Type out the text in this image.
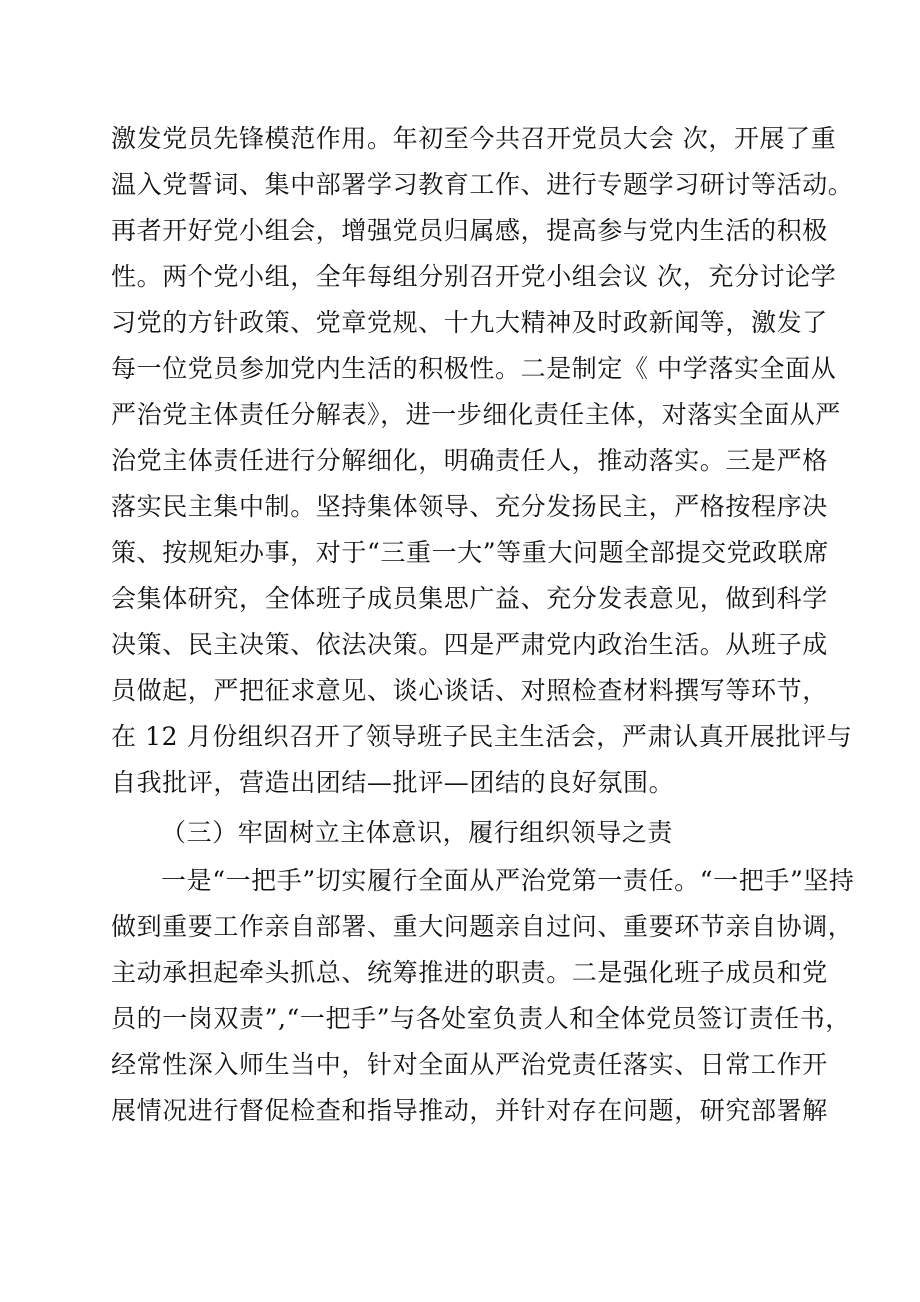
激发党员先锋模范作用。年初至今共召开党员大会 次，开展了重
温入党誓词、集中部署学习教育工作、进行专题学习研讨等活动。
再者开好党小组会，增强党员归属感，提高参与党内生活的积极
性。两个党小组，全年每组分别召开党小组会议 次，充分讨论学
习党的方针政策、党章党规、十九大精神及时政新闻等，激发了
每一位党员参加党内生活的积极性。二是制定《 中学落实全面从
严治党主体责任分解表》，进一步细化责任主体，对落实全面从严
治党主体责任进行分解细化，明确责任人，推动落实。三是严格
落实民主集中制。坚持集体领导、充分发扬民主，严格按程序决
策、按规矩办事，对于“三重一大”等重大问题全部提交党政联席
会集体研究，全体班子成员集思广益、充分发表意见，做到科学
决策、民主决策、依法决策。四是严肃党内政治生活。从班子成
员做起，严把征求意见、谈心谈话、对照检查材料撰写等环节，
在 12 月份组织召开了领导班子民主生活会，严肃认真开展批评与
自我批评，营造出团结—批评—团结的良好氛围。
（三）牢固树立主体意识，履行组织领导之责
一是“一把手”切实履行全面从严治党第一责任。“一把手”坚持
做到重要工作亲自部署、重大问题亲自过问、重要环节亲自协调，
主动承担起牵头抓总、统筹推进的职责。二是强化班子成员和党
员的一岗双责”,“一把手”与各处室负责人和全体党员签订责任书，
经常性深入师生当中，针对全面从严治党责任落实、日常工作开
展情况进行督促检查和指导推动，并针对存在问题，研究部署解
